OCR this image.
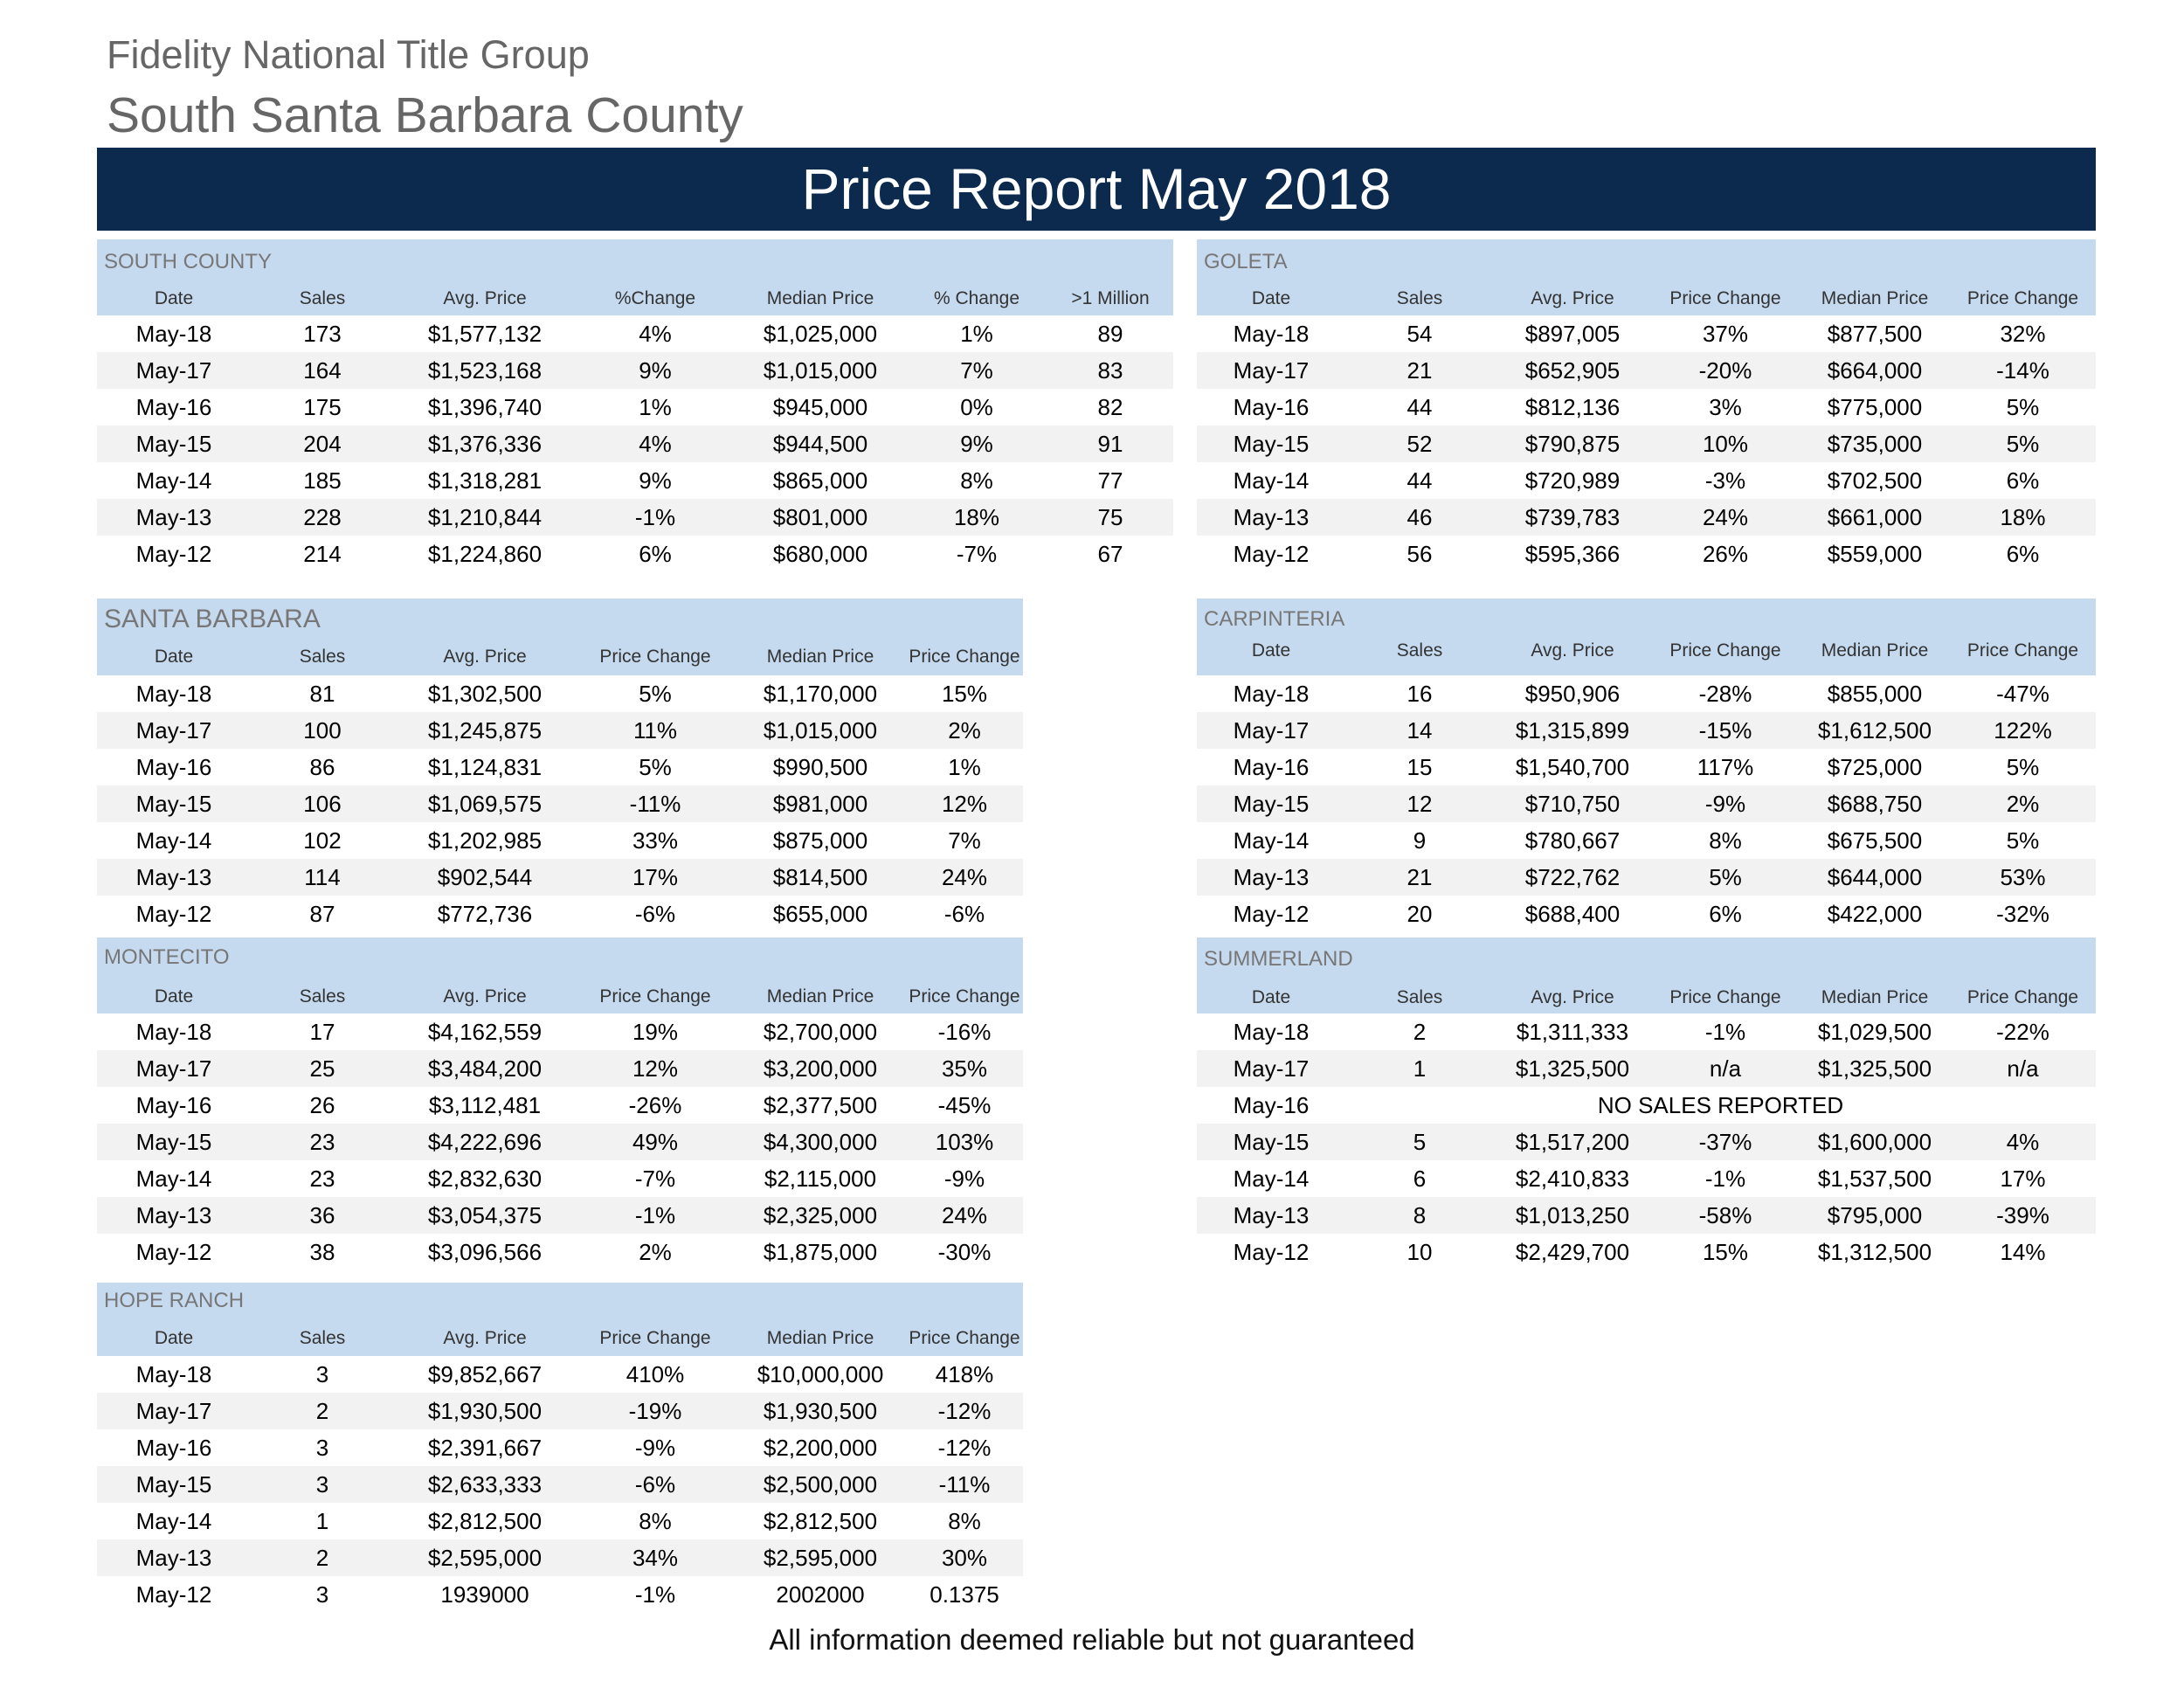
Fidelity National Title Group
South Santa Barbara County
Price Report May 2018
SOUTH COUNTY
Date	Sales	Avg. Price	%Change	Median Price	% Change	>1 Million
May-18	173	$1,577,132	4%	$1,025,000	1%	89
May-17	164	$1,523,168	9%	$1,015,000	7%	83
May-16	175	$1,396,740	1%	$945,000	0%	82
May-15	204	$1,376,336	4%	$944,500	9%	91
May-14	185	$1,318,281	9%	$865,000	8%	77
May-13	228	$1,210,844	-1%	$801,000	18%	75
May-12	214	$1,224,860	6%	$680,000	-7%	67
GOLETA
Date	Sales	Avg. Price	Price Change	Median Price	Price Change
May-18	54	$897,005	37%	$877,500	32%
May-17	21	$652,905	-20%	$664,000	-14%
May-16	44	$812,136	3%	$775,000	5%
May-15	52	$790,875	10%	$735,000	5%
May-14	44	$720,989	-3%	$702,500	6%
May-13	46	$739,783	24%	$661,000	18%
May-12	56	$595,366	26%	$559,000	6%
SANTA BARBARA
Date	Sales	Avg. Price	Price Change	Median Price	Price Change
May-18	81	$1,302,500	5%	$1,170,000	15%
May-17	100	$1,245,875	11%	$1,015,000	2%
May-16	86	$1,124,831	5%	$990,500	1%
May-15	106	$1,069,575	-11%	$981,000	12%
May-14	102	$1,202,985	33%	$875,000	7%
May-13	114	$902,544	17%	$814,500	24%
May-12	87	$772,736	-6%	$655,000	-6%
CARPINTERIA
Date	Sales	Avg. Price	Price Change	Median Price	Price Change
May-18	16	$950,906	-28%	$855,000	-47%
May-17	14	$1,315,899	-15%	$1,612,500	122%
May-16	15	$1,540,700	117%	$725,000	5%
May-15	12	$710,750	-9%	$688,750	2%
May-14	9	$780,667	8%	$675,500	5%
May-13	21	$722,762	5%	$644,000	53%
May-12	20	$688,400	6%	$422,000	-32%
MONTECITO
Date	Sales	Avg. Price	Price Change	Median Price	Price Change
May-18	17	$4,162,559	19%	$2,700,000	-16%
May-17	25	$3,484,200	12%	$3,200,000	35%
May-16	26	$3,112,481	-26%	$2,377,500	-45%
May-15	23	$4,222,696	49%	$4,300,000	103%
May-14	23	$2,832,630	-7%	$2,115,000	-9%
May-13	36	$3,054,375	-1%	$2,325,000	24%
May-12	38	$3,096,566	2%	$1,875,000	-30%
SUMMERLAND
Date	Sales	Avg. Price	Price Change	Median Price	Price Change
May-18	2	$1,311,333	-1%	$1,029,500	-22%
May-17	1	$1,325,500	n/a	$1,325,500	n/a
May-16	NO SALES REPORTED
May-15	5	$1,517,200	-37%	$1,600,000	4%
May-14	6	$2,410,833	-1%	$1,537,500	17%
May-13	8	$1,013,250	-58%	$795,000	-39%
May-12	10	$2,429,700	15%	$1,312,500	14%
HOPE RANCH
Date	Sales	Avg. Price	Price Change	Median Price	Price Change
May-18	3	$9,852,667	410%	$10,000,000	418%
May-17	2	$1,930,500	-19%	$1,930,500	-12%
May-16	3	$2,391,667	-9%	$2,200,000	-12%
May-15	3	$2,633,333	-6%	$2,500,000	-11%
May-14	1	$2,812,500	8%	$2,812,500	8%
May-13	2	$2,595,000	34%	$2,595,000	30%
May-12	3	1939000	-1%	2002000	0.1375
All information deemed reliable but not guaranteed
